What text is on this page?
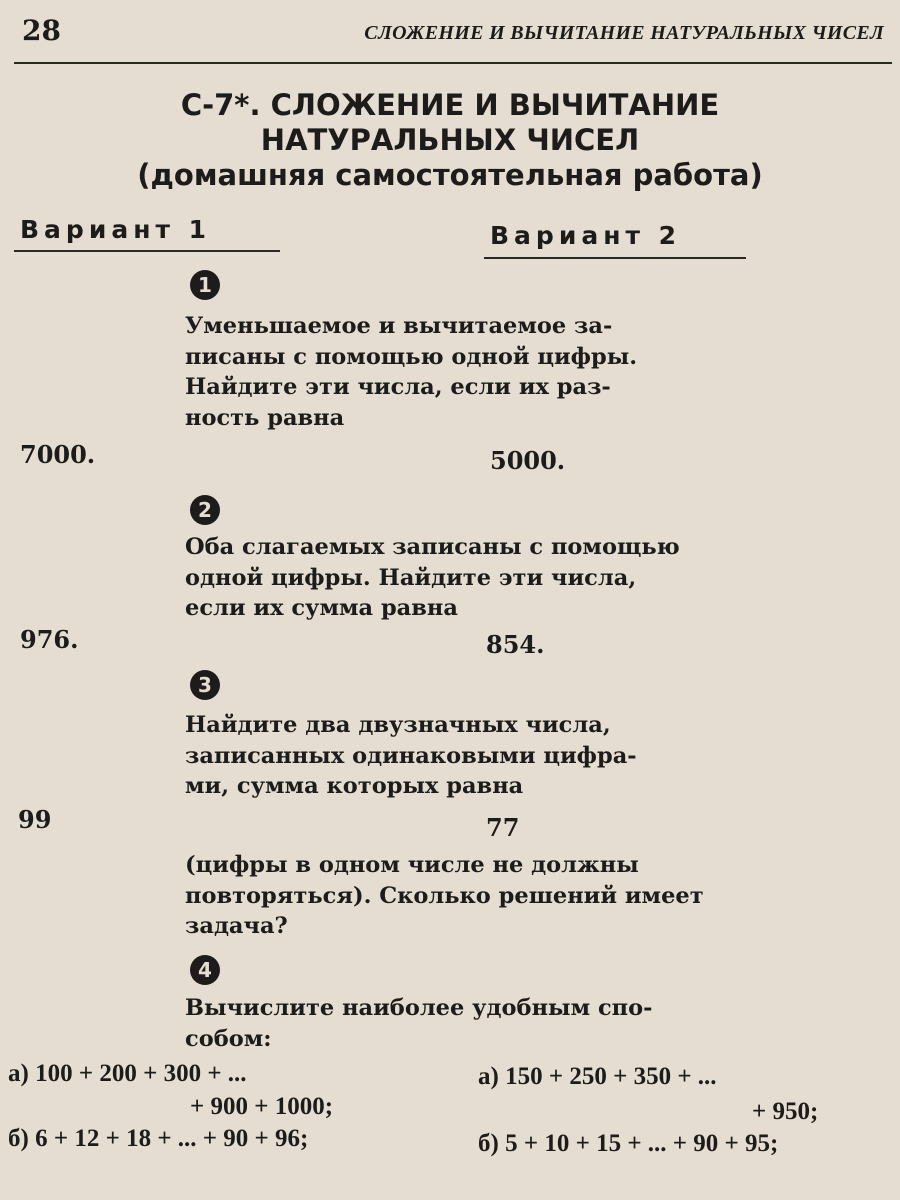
28	СЛОЖЕНИЕ И ВЫЧИТАНИЕ НАТУРАЛЬНЫХ ЧИСЕЛ
С-7*. СЛОЖЕНИЕ И ВЫЧИТАНИЕ
НАТУРАЛЬНЫХ ЧИСЕЛ
(домашняя самостоятельная работа)
Вариант 1	Вариант 2
1
Уменьшаемое и вычитаемое за-
писаны с помощью одной цифры.
Найдите эти числа, если их раз-
ность равна
7000.	5000.
2
Оба слагаемых записаны с помощью
одной цифры. Найдите эти числа,
если их сумма равна
976.	854.
3
Найдите два двузначных числа,
записанных одинаковыми цифра-
ми, сумма которых равна
99	77
(цифры в одном числе не должны
повторяться). Сколько решений имеет
задача?
4
Вычислите наиболее удобным спо-
собом:
а) 100 + 200 + 300 + ...
+ 900 + 1000;
б) 6 + 12 + 18 + ... + 90 + 96;
а) 150 + 250 + 350 + ...
+ 950;
б) 5 + 10 + 15 + ... + 90 + 95;
